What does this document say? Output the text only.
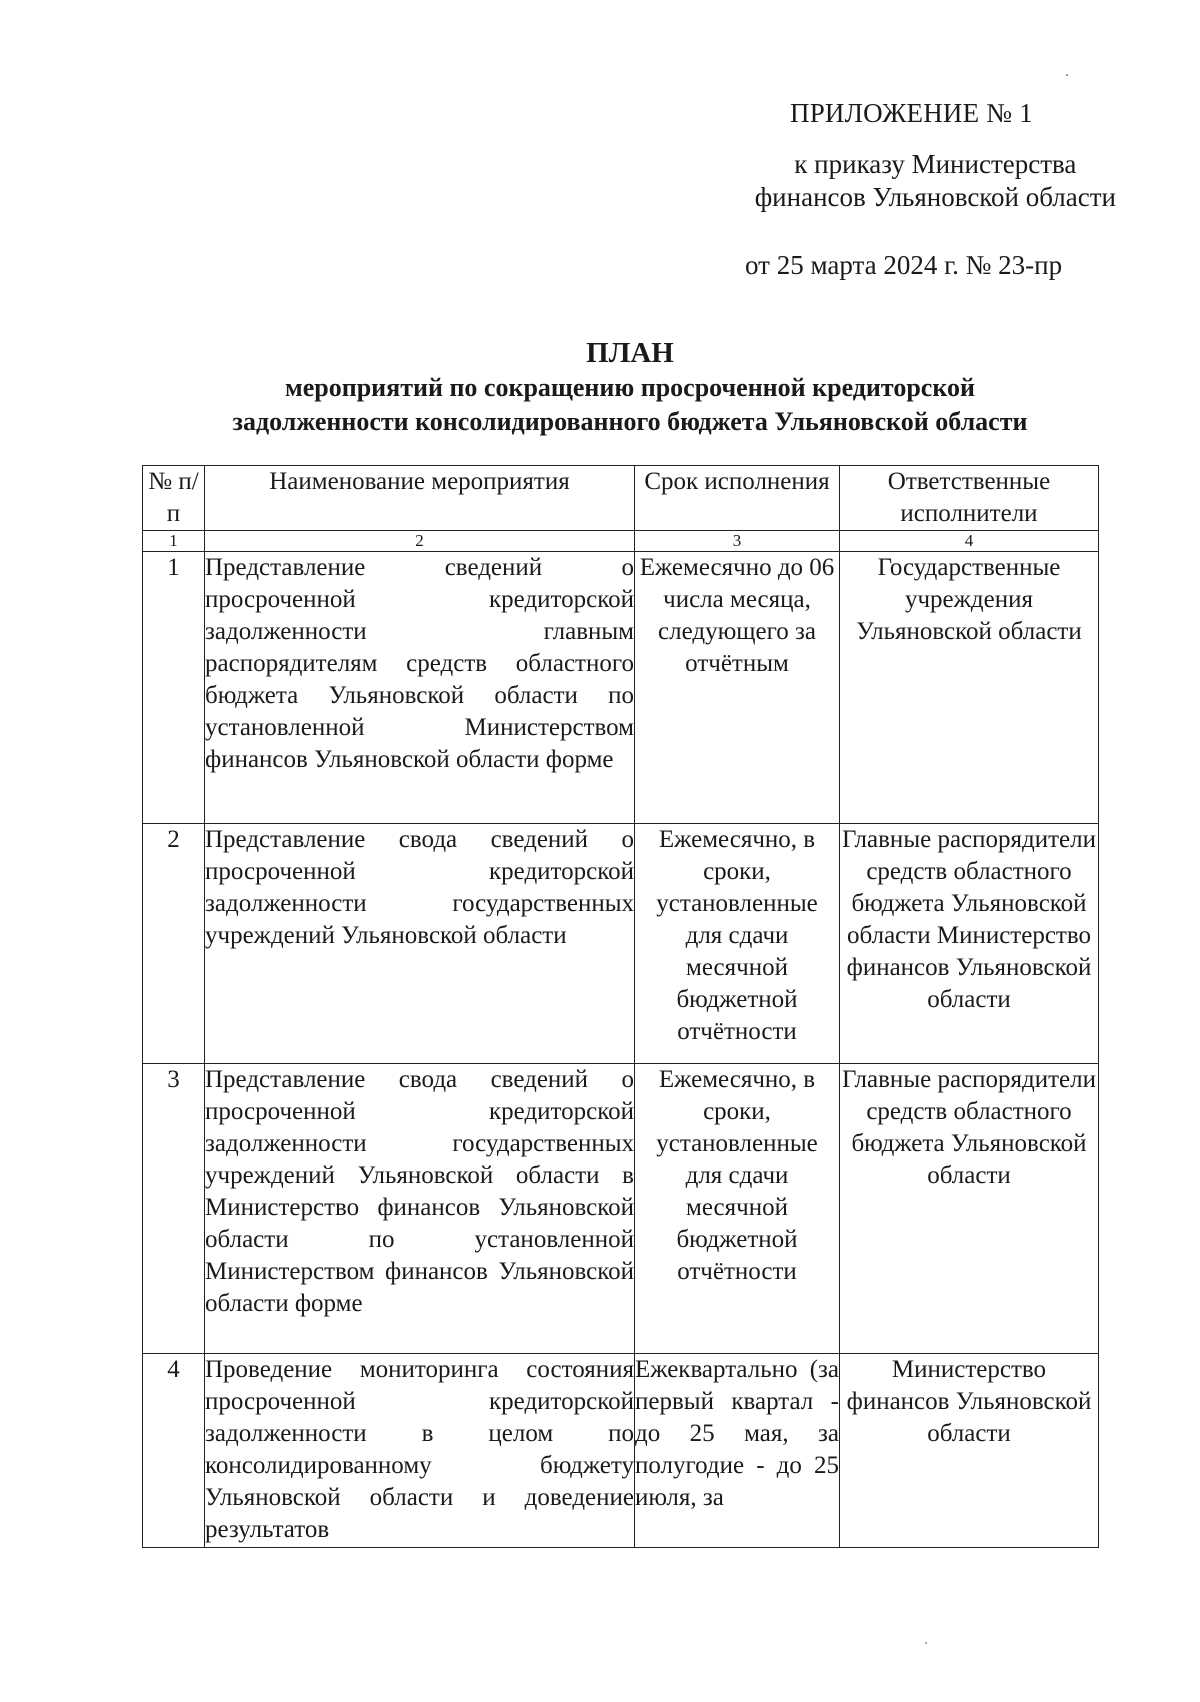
ПРИЛОЖЕНИЕ № 1
к приказу Министерства
финансов Ульяновской области
от 25 марта 2024 г. № 23-пр
ПЛАН
мероприятий по сокращению просроченной кредиторской
задолженности консолидированного бюджета Ульяновской области
№ п/п	Наименование мероприятия	Срок исполнения	Ответственные исполнители
1	2	3	4
1	Представление сведений о просроченной кредиторской задолженности главным распорядителям средств областного бюджета Ульяновской области по установленной Министерством финансов Ульяновской области форме	Ежемесячно до 06 числа месяца, следующего за отчётным	Государственные учреждения Ульяновской области
2	Представление свода сведений о просроченной кредиторской задолженности государственных учреждений Ульяновской области	Ежемесячно, в сроки, установленные для сдачи месячной бюджетной отчётности	Главные распорядители средств областного бюджета Ульяновской области Министерство финансов Ульяновской области
3	Представление свода сведений о просроченной кредиторской задолженности государственных учреждений Ульяновской области в Министерство финансов Ульяновской области по установленной Министерством финансов Ульяновской области форме	Ежемесячно, в сроки, установленные для сдачи месячной бюджетной отчётности	Главные распорядители средств областного бюджета Ульяновской области
4	Проведение мониторинга состояния просроченной кредиторской задолженности в целом по консолидированному бюджету Ульяновской области и доведение результатов	Ежеквартально (за первый квартал - до 25 мая, за полугодие - до 25 июля, за	Министерство финансов Ульяновской области
